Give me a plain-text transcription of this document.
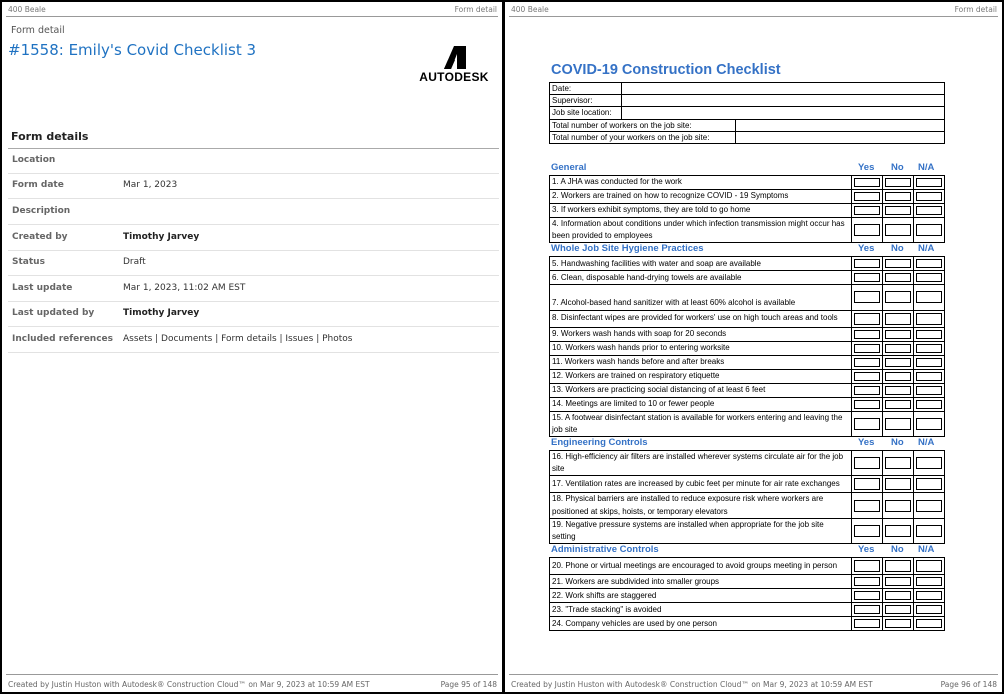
400 Beale	Form detail
Form detail
#1558: Emily's Covid Checklist 3
AUTODESK
Form details
Location
Form date	Mar 1, 2023
Description
Created by	Timothy Jarvey
Status	Draft
Last update	Mar 1, 2023, 11:02 AM EST
Last updated by	Timothy Jarvey
Included references Assets | Documents | Form details | Issues | Photos
Created by Justin Huston with Autodesk® Construction Cloud™ on Mar 9, 2023 at 10:59 AM EST	Page 95 of 148
400 Beale	Form detail
COVID-19 Construction Checklist
Date:	
Supervisor:	
Job site location:	
Total number of workers on the job site:	
Total number of your workers on the job site:	
General	Yes No N/A
1. A JHA was conducted for the work	

2. Workers are trained on how to recognize COVID - 19 Symptoms	

3. If workers exhibit symptoms, they are told to go home	

4. Information about conditions under which infection transmission might occur has been provided to employees	

Whole Job Site Hygiene Practices	Yes No N/A
5. Handwashing facilities with water and soap are available	

6. Clean, disposable hand-drying towels are available	

7. Alcohol-based hand sanitizer with at least 60% alcohol is available	

8. Disinfectant wipes are provided for workers' use on high touch areas and tools	

9. Workers wash hands with soap for 20 seconds	

10. Workers wash hands prior to entering worksite	

11. Workers wash hands before and after breaks	

12. Workers are trained on respiratory etiquette	

13. Workers are practicing social distancing of at least 6 feet	

14. Meetings are limited to 10 or fewer people	

15. A footwear disinfectant station is available for workers entering and leaving the job site	

Engineering Controls	Yes No N/A
16. High-efficiency air filters are installed wherever systems circulate air for the job site	

17. Ventilation rates are increased by cubic feet per minute for air rate exchanges	

18. Physical barriers are installed to reduce exposure risk where workers are positioned at skips, hoists, or temporary elevators	

19. Negative pressure systems are installed when appropriate for the job site setting	

Administrative Controls	Yes No N/A
20. Phone or virtual meetings are encouraged to avoid groups meeting in person	

21. Workers are subdivided into smaller groups	

22. Work shifts are staggered	

23. "Trade stacking" is avoided	

24. Company vehicles are used by one person	

Created by Justin Huston with Autodesk® Construction Cloud™ on Mar 9, 2023 at 10:59 AM EST	Page 96 of 148
